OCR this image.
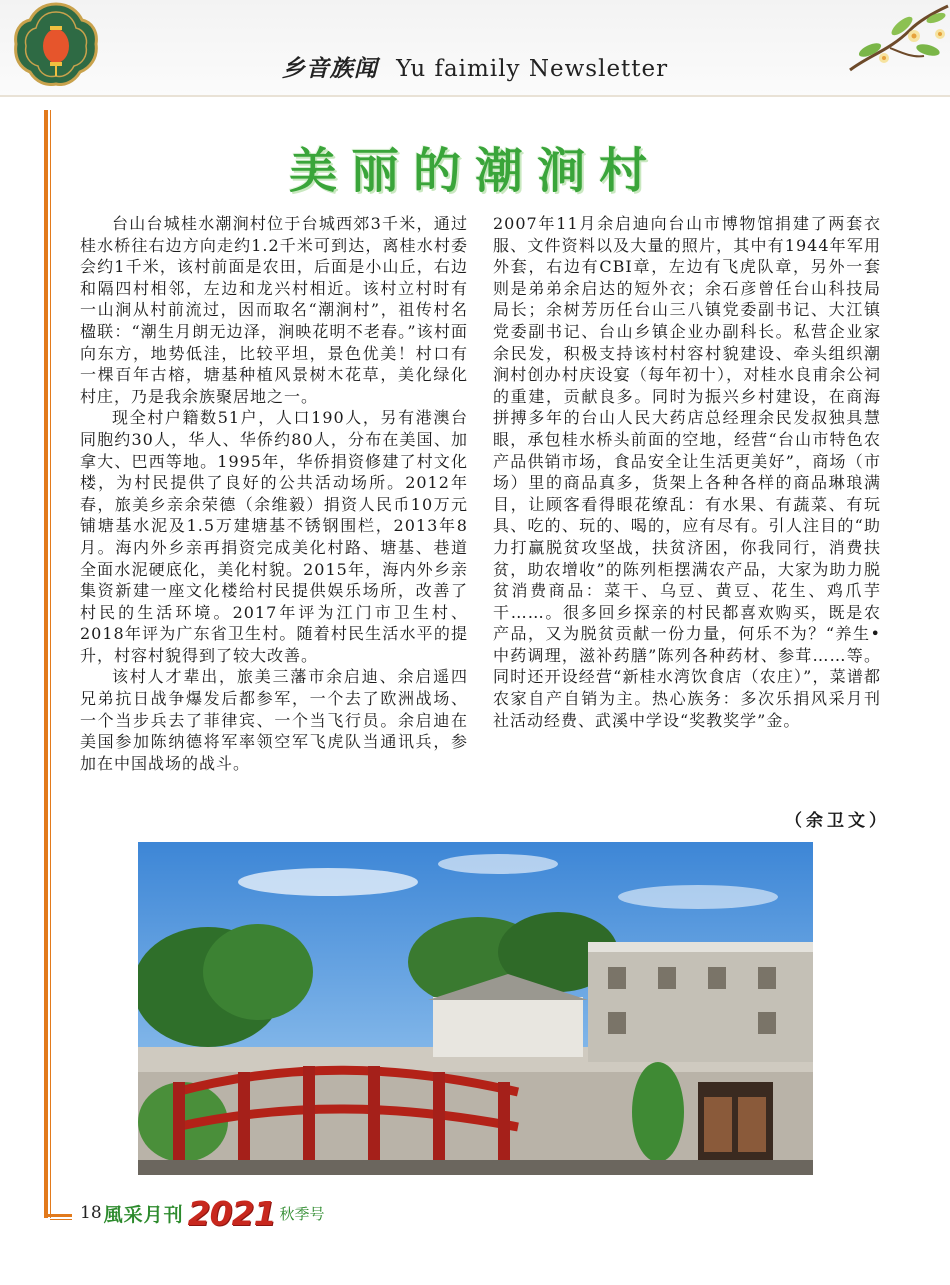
乡音族闻 Yu faimily Newsletter
美丽的潮涧村

台山台城桂水潮涧村位于台城西郊3千米，通过桂水桥往右边方向走约1.2千米可到达，离桂水村委会约1千米，该村前面是农田，后面是小山丘，右边和隔四村相邻，左边和龙兴村相近。该村立村时有一山涧从村前流过，因而取名“潮涧村”，祖传村名楹联：“潮生月朗无边泽，涧映花明不老春。”该村面向东方，地势低洼，比较平坦，景色优美！村口有一棵百年古榕，塘基种植风景树木花草，美化绿化村庄，乃是我余族聚居地之一。

现全村户籍数51户，人口190人，另有港澳台同胞约30人，华人、华侨约80人，分布在美国、加拿大、巴西等地。1995年，华侨捐资修建了村文化楼，为村民提供了良好的公共活动场所。2012年春，旅美乡亲余荣德（余维毅）捐资人民币10万元铺塘基水泥及1.5万建塘基不锈钢围栏，2013年8月。海内外乡亲再捐资完成美化村路、塘基、巷道全面水泥硬底化，美化村貌。2015年，海内外乡亲集资新建一座文化楼给村民提供娱乐场所，改善了村民的生活环境。2017年评为江门市卫生村、2018年评为广东省卫生村。随着村民生活水平的提升，村容村貌得到了较大改善。

该村人才辈出，旅美三藩市余启迪、余启遥四兄弟抗日战争爆发后都参军，一个去了欧洲战场、一个当步兵去了菲律宾、一个当飞行员。余启迪在美国参加陈纳德将军率领空军飞虎队当通讯兵，参加在中国战场的战斗。

2007年11月余启迪向台山市博物馆捐建了两套衣服、文件资料以及大量的照片，其中有1944年军用外套，右边有CBI章，左边有飞虎队章，另外一套则是弟弟余启达的短外衣；余石彦曾任台山科技局局长；余树芳历任台山三八镇党委副书记、大江镇党委副书记、台山乡镇企业办副科长。私营企业家余民发，积极支持该村村容村貌建设、牵头组织潮涧村创办村庆设宴（每年初十），对桂水良甫余公祠的重建，贡献良多。同时为振兴乡村建设，在商海拼搏多年的台山人民大药店总经理余民发叔独具慧眼，承包桂水桥头前面的空地，经营“台山市特色农产品供销市场，食品安全让生活更美好”，商场（市场）里的商品真多，货架上各种各样的商品琳琅满目，让顾客看得眼花缭乱：有水果、有蔬菜、有玩具、吃的、玩的、喝的，应有尽有。引人注目的“助力打赢脱贫攻坚战，扶贫济困，你我同行，消费扶贫，助农增收”的陈列柜摆满农产品，大家为助力脱贫消费商品：菜干、乌豆、黄豆、花生、鸡爪芋干……。很多回乡探亲的村民都喜欢购买，既是农产品，又为脱贫贡献一份力量，何乐不为？“养生•中药调理，滋补药膳”陈列各种药材、参茸……等。同时还开设经营“新桂水湾饮食店（农庄）”，菜谱都农家自产自销为主。热心族务：多次乐捐风采月刊社活动经费、武溪中学设“奖教奖学”金。

（余卫文）
18 風采月刊 2021 秋季号
